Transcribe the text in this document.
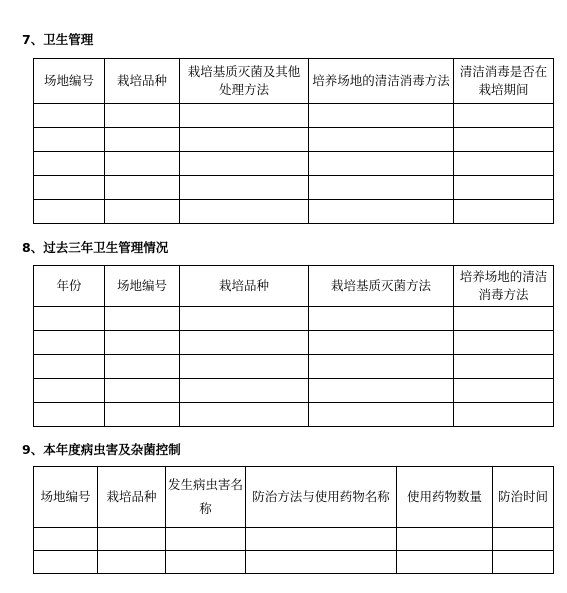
7、卫生管理
场地编号	栽培品种	栽培基质灭菌及其他处理方法	培养场地的清洁消毒方法	清洁消毒是否在栽培期间

8、过去三年卫生管理情况
年份	场地编号	栽培品种	栽培基质灭菌方法	培养场地的清洁消毒方法

9、本年度病虫害及杂菌控制
场地编号	栽培品种	发生病虫害名称	防治方法与使用药物名称	使用药物数量	防治时间
